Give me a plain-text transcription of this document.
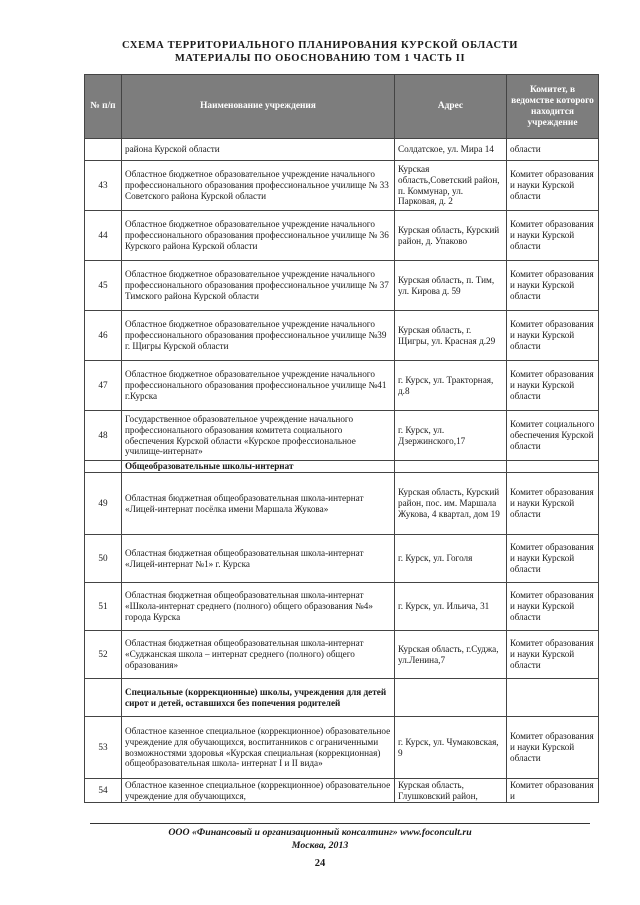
СХЕМА ТЕРРИТОРИАЛЬНОГО ПЛАНИРОВАНИЯ КУРСКОЙ ОБЛАСТИ
МАТЕРИАЛЫ ПО ОБОСНОВАНИЮ ТОМ 1 ЧАСТЬ II
№ п/п	Наименование учреждения	Адрес	Комитет, в ведомстве которого находится учреждение
	района Курской области	Солдатское, ул. Мира 14	области
43	Областное бюджетное образовательное учреждение начального профессионального образования профессиональное училище № 33 Советского района Курской области	Курская область,Советский район, п. Коммунар, ул. Парковая, д. 2	Комитет образования и науки Курской области
44	Областное бюджетное образовательное учреждение начального профессионального образования профессиональное училище № 36 Курского района Курской области	Курская область, Курский район, д. Упаково	Комитет образования и науки Курской области
45	Областное бюджетное образовательное учреждение начального профессионального образования профессиональное училище № 37 Тимского района Курской области	Курская область, п. Тим, ул. Кирова д. 59	Комитет образования и науки Курской области
46	Областное бюджетное образовательное учреждение начального профессионального образования профессиональное училище №39 г. Щигры Курской области	Курская область, г. Щигры, ул. Красная д.29	Комитет образования и науки Курской области
47	Областное бюджетное образовательное учреждение начального профессионального образования профессиональное училище №41 г.Курска	г. Курск, ул. Тракторная, д.8	Комитет образования и науки Курской области
48	Государственное образовательное учреждение начального профессионального образования комитета социального обеспечения Курской области «Курское профессиональное училище-интернат»	г. Курск, ул. Дзержинского,17	Комитет социального обеспечения Курской области
	Общеобразовательные школы-интернат		
49	Областная бюджетная общеобразовательная школа-интернат «Лицей-интернат посёлка имени Маршала Жукова»	Курская область, Курский район, пос. им. Маршала Жукова, 4 квартал, дом 19	Комитет образования и науки Курской области
50	Областная бюджетная общеобразовательная школа-интернат «Лицей-интернат №1» г. Курска	г. Курск, ул. Гоголя	Комитет образования и науки Курской области
51	Областная бюджетная общеобразовательная школа-интернат «Школа-интернат среднего (полного) общего образования №4» города Курска	г. Курск, ул. Ильича, 31	Комитет образования и науки Курской области
52	Областная бюджетная общеобразовательная школа-интернат «Суджанская школа – интернат среднего (полного) общего образования»	Курская область, г.Суджа, ул.Ленина,7	Комитет образования и науки Курской области
	Специальные (коррекционные) школы, учреждения для детей сирот и детей, оставшихся без попечения родителей		
53	Областное казенное специальное (коррекционное) образовательное учреждение для обучающихся, воспитанников с ограниченными возможностями здоровья «Курская специальная (коррекционная) общеобразовательная школа- интернат I и II вида»	г. Курск, ул. Чумаковская, 9	Комитет образования и науки Курской области
54	Областное казенное специальное (коррекционное) образовательное учреждение для обучающихся,	Курская область, Глушковский район,	Комитет образования и
ООО «Финансовый и организационный консалтинг» www.foconcult.ru
Москва, 2013
24
